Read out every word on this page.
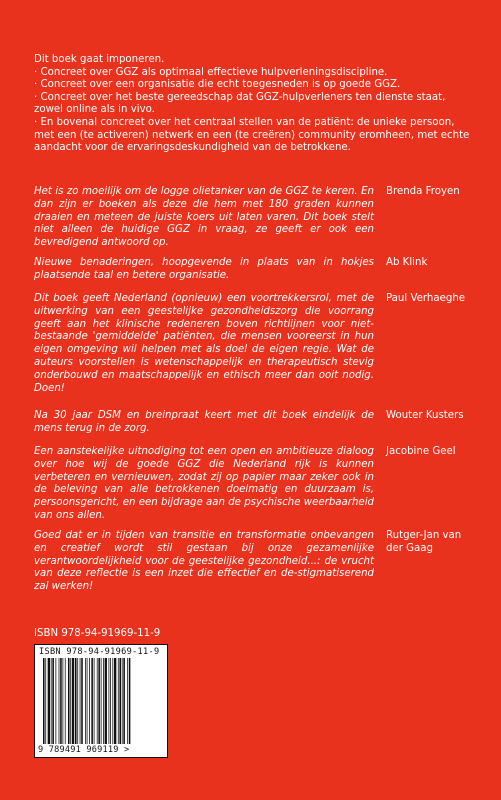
Dit boek gaat imponeren.
· Concreet over GGZ als optimaal effectieve hulpverleningsdiscipline.
· Concreet over een organisatie die echt toegesneden is op goede GGZ.
· Concreet over het beste gereedschap dat GGZ-hulpverleners ten dienste staat, zowel online als in vivo.
· En bovenal concreet over het centraal stellen van de patiënt: de unieke persoon, met een (te activeren) netwerk en een (te creëren) community eromheen, met echte aandacht voor de ervaringsdeskundigheid van de betrokkene.
Het is zo moeilijk om de logge olietanker van de GGZ te keren. En dan zijn er boeken als deze die hem met 180 graden kunnen draaien en meteen de juiste koers uit laten varen. Dit boek stelt niet alleen de huidige GGZ in vraag, ze geeft er ook een bevredigend antwoord op.
Brenda Froyen
Nieuwe benaderingen, hoopgevende in plaats van in hokjes plaatsende taal en betere organisatie.
Ab Klink
Dit boek geeft Nederland (opnieuw) een voortrekkersrol, met de uitwerking van een geestelijke gezondheidszorg die voorrang geeft aan het klinische redeneren boven richtlijnen voor niet-bestaande 'gemiddelde' patiënten, die mensen vooreerst in hun eigen omgeving wil helpen met als doel de eigen regie. Wat de auteurs voorstellen is wetenschappelijk en therapeutisch stevig onderbouwd en maatschappelijk en ethisch meer dan ooit nodig. Doen!
Paul Verhaeghe
Na 30 jaar DSM en breinpraat keert met dit boek eindelijk de mens terug in de zorg.
Wouter Kusters
Een aanstekelijke uitnodiging tot een open en ambitieuze dialoog over hoe wij de goede GGZ die Nederland rijk is kunnen verbeteren en vernieuwen, zodat zij op papier maar zeker ook in de beleving van alle betrokkenen doelmatig en duurzaam is, persoonsgericht, en een bijdrage aan de psychische weerbaarheid van ons allen.
Jacobine Geel
Goed dat er in tijden van transitie en transformatie onbevangen en creatief wordt stil gestaan bij onze gezamenlijke verantwoordelijkheid voor de geestelijke gezondheid...: de vrucht van deze reflectie is een inzet die effectief en de-stigmatiserend zal werken!
Rutger-Jan van der Gaag
ISBN 978-94-91969-11-9
ISBN 978-94-91969-11-9
9 789491 969119 >
